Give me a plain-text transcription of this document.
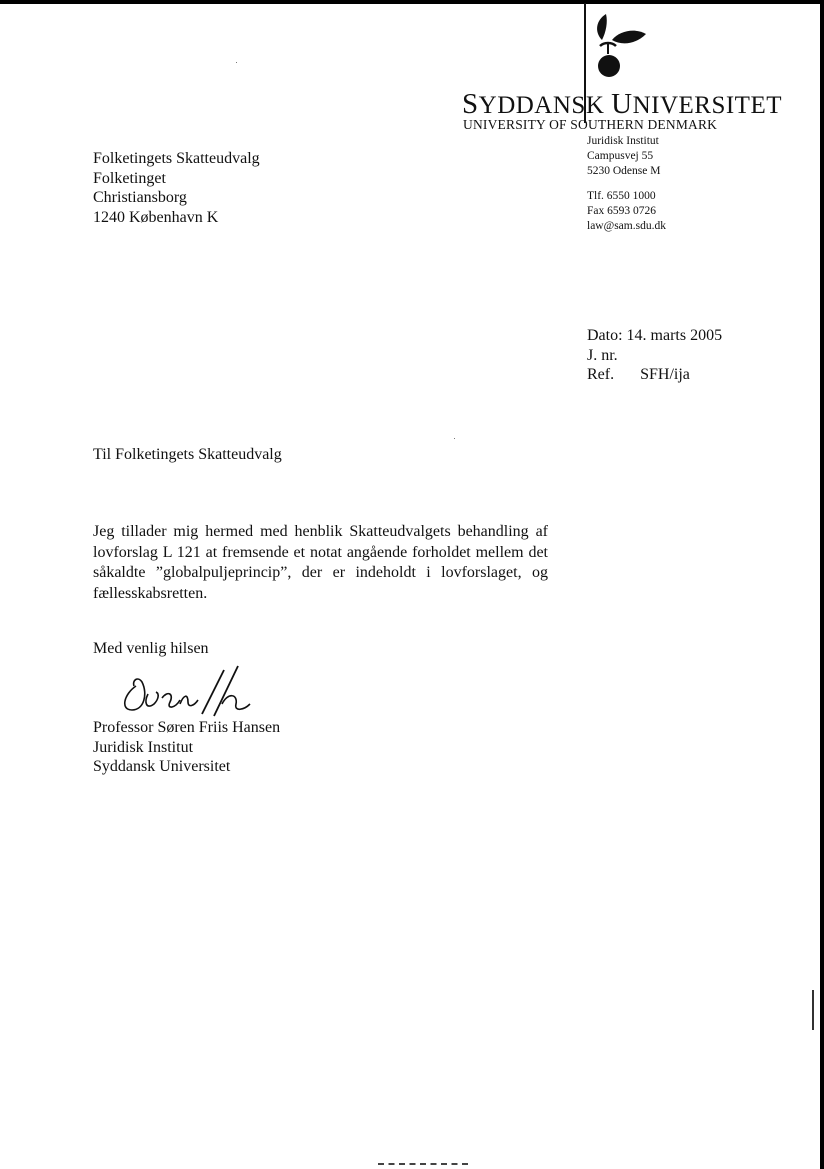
SYDDANSK UNIVERSITET
UNIVERSITY OF SOUTHERN DENMARK
Juridisk Institut
Campusvej 55
5230 Odense M
Tlf. 6550 1000
Fax 6593 0726
law@sam.sdu.dk
Folketingets Skatteudvalg
Folketinget
Christiansborg
1240 København K
Dato: 14. marts 2005
J. nr.
Ref. SFH/ija
Til Folketingets Skatteudvalg
Jeg tillader mig hermed med henblik Skatteudvalgets behandling af lovforslag L 121 at fremsende et notat angående forholdet mellem det såkaldte ”globalpuljeprincip”, der er indeholdt i lovforslaget, og fællesskabsretten.
Med venlig hilsen
Professor Søren Friis Hansen
Juridisk Institut
Syddansk Universitet
